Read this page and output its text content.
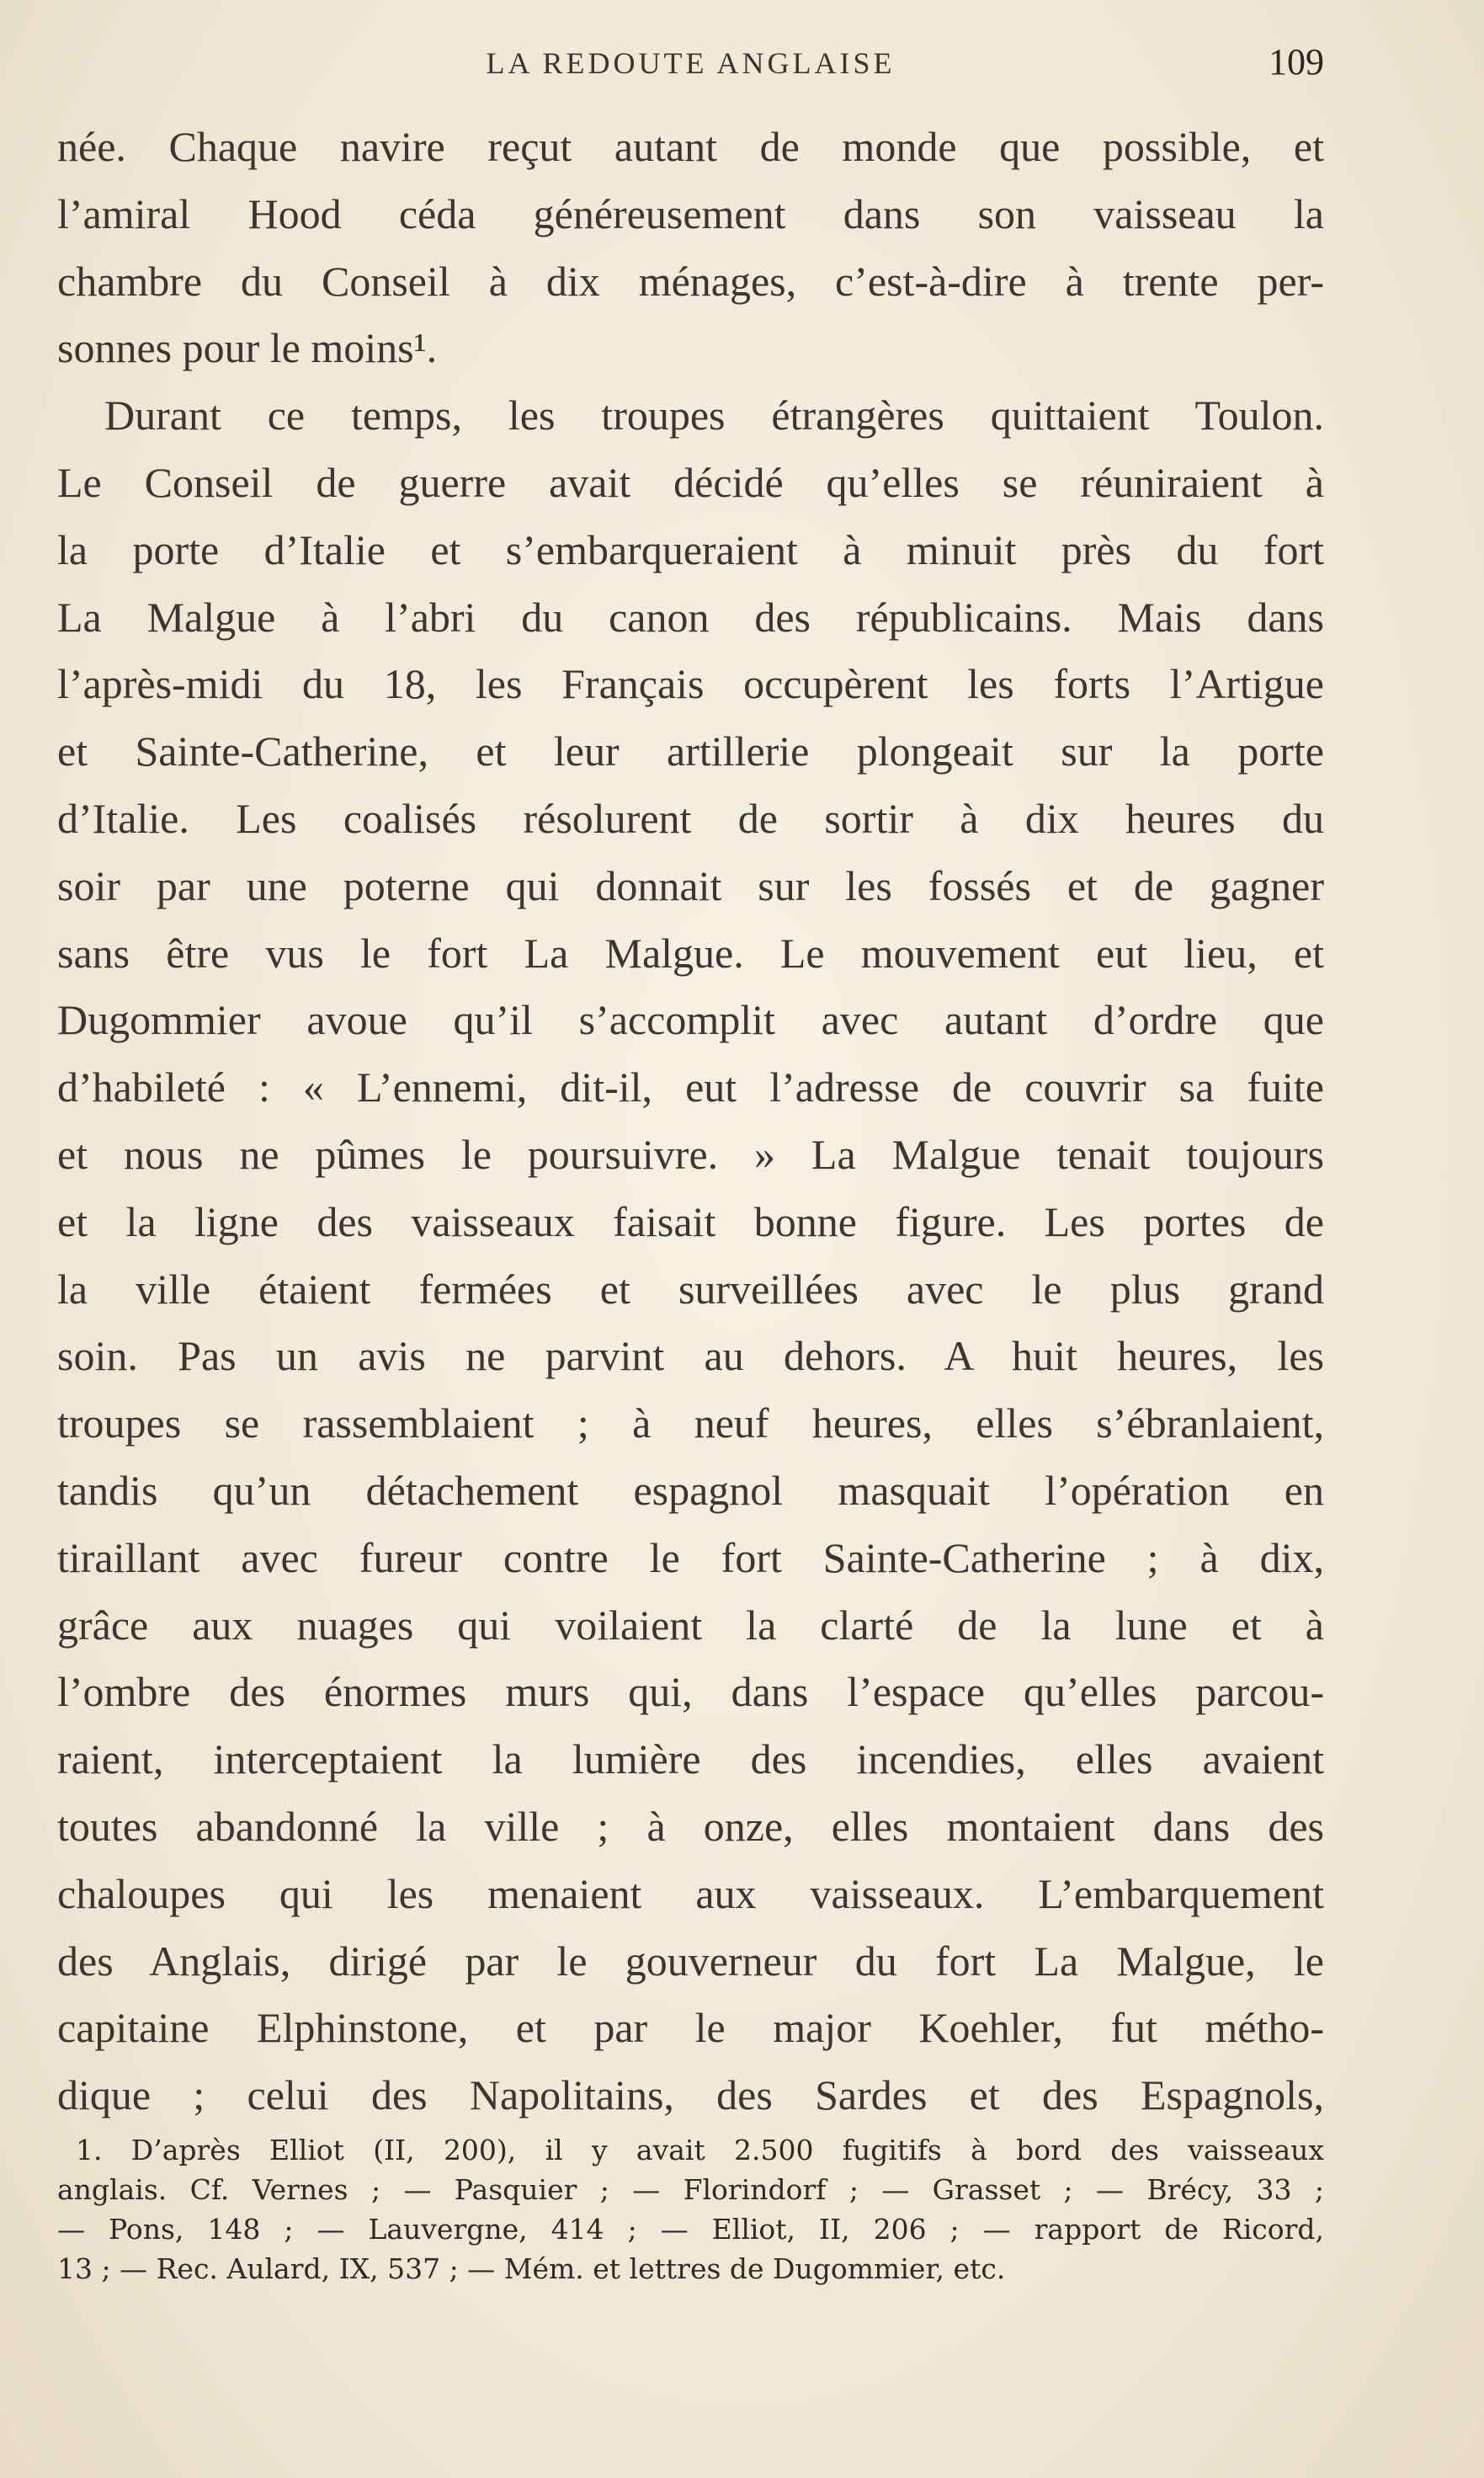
LA REDOUTE ANGLAISE	109
née. Chaque navire reçut autant de monde que possible, et
l’amiral Hood céda généreusement dans son vaisseau la
chambre du Conseil à dix ménages, c’est-à-dire à trente per-
sonnes pour le moins¹.
Durant ce temps, les troupes étrangères quittaient Toulon.
Le Conseil de guerre avait décidé qu’elles se réuniraient à
la porte d’Italie et s’embarqueraient à minuit près du fort
La Malgue à l’abri du canon des républicains. Mais dans
l’après-midi du 18, les Français occupèrent les forts l’Artigue
et Sainte-Catherine, et leur artillerie plongeait sur la porte
d’Italie. Les coalisés résolurent de sortir à dix heures du
soir par une poterne qui donnait sur les fossés et de gagner
sans être vus le fort La Malgue. Le mouvement eut lieu, et
Dugommier avoue qu’il s’accomplit avec autant d’ordre que
d’habileté : « L’ennemi, dit-il, eut l’adresse de couvrir sa fuite
et nous ne pûmes le poursuivre. » La Malgue tenait toujours
et la ligne des vaisseaux faisait bonne figure. Les portes de
la ville étaient fermées et surveillées avec le plus grand
soin. Pas un avis ne parvint au dehors. A huit heures, les
troupes se rassemblaient ; à neuf heures, elles s’ébranlaient,
tandis qu’un détachement espagnol masquait l’opération en
tiraillant avec fureur contre le fort Sainte-Catherine ; à dix,
grâce aux nuages qui voilaient la clarté de la lune et à
l’ombre des énormes murs qui, dans l’espace qu’elles parcou-
raient, interceptaient la lumière des incendies, elles avaient
toutes abandonné la ville ; à onze, elles montaient dans des
chaloupes qui les menaient aux vaisseaux. L’embarquement
des Anglais, dirigé par le gouverneur du fort La Malgue, le
capitaine Elphinstone, et par le major Koehler, fut métho-
dique ; celui des Napolitains, des Sardes et des Espagnols,
1. D’après Elliot (II, 200), il y avait 2.500 fugitifs à bord des vaisseaux
anglais. Cf. Vernes ; — Pasquier ; — Florindorf ; — Grasset ; — Brécy, 33 ;
— Pons, 148 ; — Lauvergne, 414 ; — Elliot, II, 206 ; — rapport de Ricord,
13 ; — Rec. Aulard, IX, 537 ; — Mém. et lettres de Dugommier, etc.
